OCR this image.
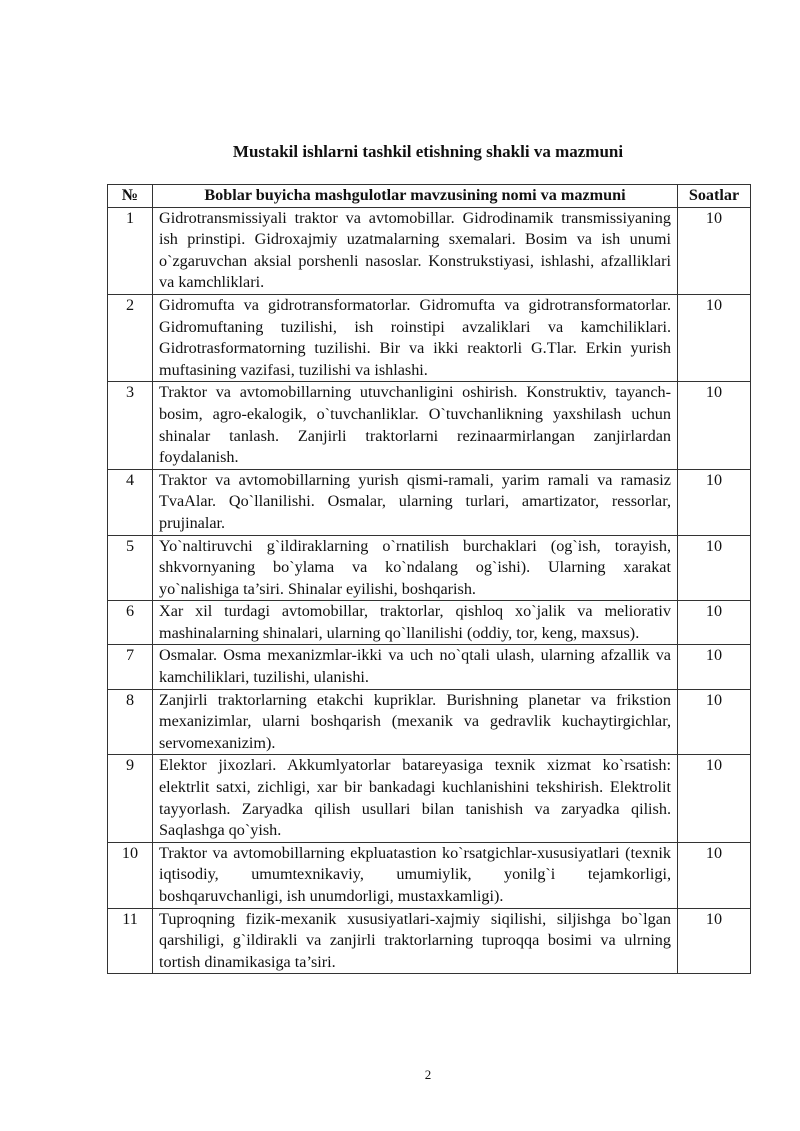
Mustakil ishlarni tashkil etishning shakli va mazmuni
№	Boblar buyicha mashgulotlar mavzusining nomi va mazmuni	Soatlar
1	Gidrotransmissiyali traktor va avtomobillar. Gidrodinamik transmissiyaning ish prinstipi. Gidroxajmiy uzatmalarning sxemalari. Bosim va ish unumi o`zgaruvchan aksial porshenli nasoslar. Konstrukstiyasi, ishlashi, afzalliklari va kamchliklari.	10
2	Gidromufta va gidrotransformatorlar. Gidromufta va gidrotransformatorlar. Gidromuftaning tuzilishi, ish roinstipi avzaliklari va kamchiliklari. Gidrotrasformatorning tuzilishi. Bir va ikki reaktorli G.Tlar. Erkin yurish muftasining vazifasi, tuzilishi va ishlashi.	10
3	Traktor va avtomobillarning utuvchanligini oshirish. Konstruktiv, tayanch-bosim, agro-ekalogik, o`tuvchanliklar. O`tuvchanlikning yaxshilash uchun shinalar tanlash. Zanjirli traktorlarni rezinaarmirlangan zanjirlardan foydalanish.	10
4	Traktor va avtomobillarning yurish qismi-ramali, yarim ramali va ramasiz TvaAlar. Qo`llanilishi. Osmalar, ularning turlari, amartizator, ressorlar, prujinalar.	10
5	Yo`naltiruvchi g`ildiraklarning o`rnatilish burchaklari (og`ish, torayish, shkvornyaning bo`ylama va ko`ndalang og`ishi). Ularning xarakat yo`nalishiga ta’siri. Shinalar eyilishi, boshqarish.	10
6	Xar xil turdagi avtomobillar, traktorlar, qishloq xo`jalik va meliorativ mashinalarning shinalari, ularning qo`llanilishi (oddiy, tor, keng, maxsus).	10
7	Osmalar. Osma mexanizmlar-ikki va uch no`qtali ulash, ularning afzallik va kamchiliklari, tuzilishi, ulanishi.	10
8	Zanjirli traktorlarning etakchi kupriklar. Burishning planetar va frikstion mexanizimlar, ularni boshqarish (mexanik va gedravlik kuchaytirgichlar, servomexanizim).	10
9	Elektor jixozlari. Akkumlyatorlar batareyasiga texnik xizmat ko`rsatish: elektrlit satxi, zichligi, xar bir bankadagi kuchlanishini tekshirish. Elektrolit tayyorlash. Zaryadka qilish usullari bilan tanishish va zaryadka qilish. Saqlashga qo`yish.	10
10	Traktor va avtomobillarning ekpluatastion ko`rsatgichlar-xususiyatlari (texnik iqtisodiy, umumtexnikaviy, umumiylik, yonilg`i tejamkorligi, boshqaruvchanligi, ish unumdorligi, mustaxkamligi).	10
11	Tuproqning fizik-mexanik xususiyatlari-xajmiy siqilishi, siljishga bo`lgan qarshiligi, g`ildirakli va zanjirli traktorlarning tuproqqa bosimi va ulrning tortish dinamikasiga ta’siri.	10
2
